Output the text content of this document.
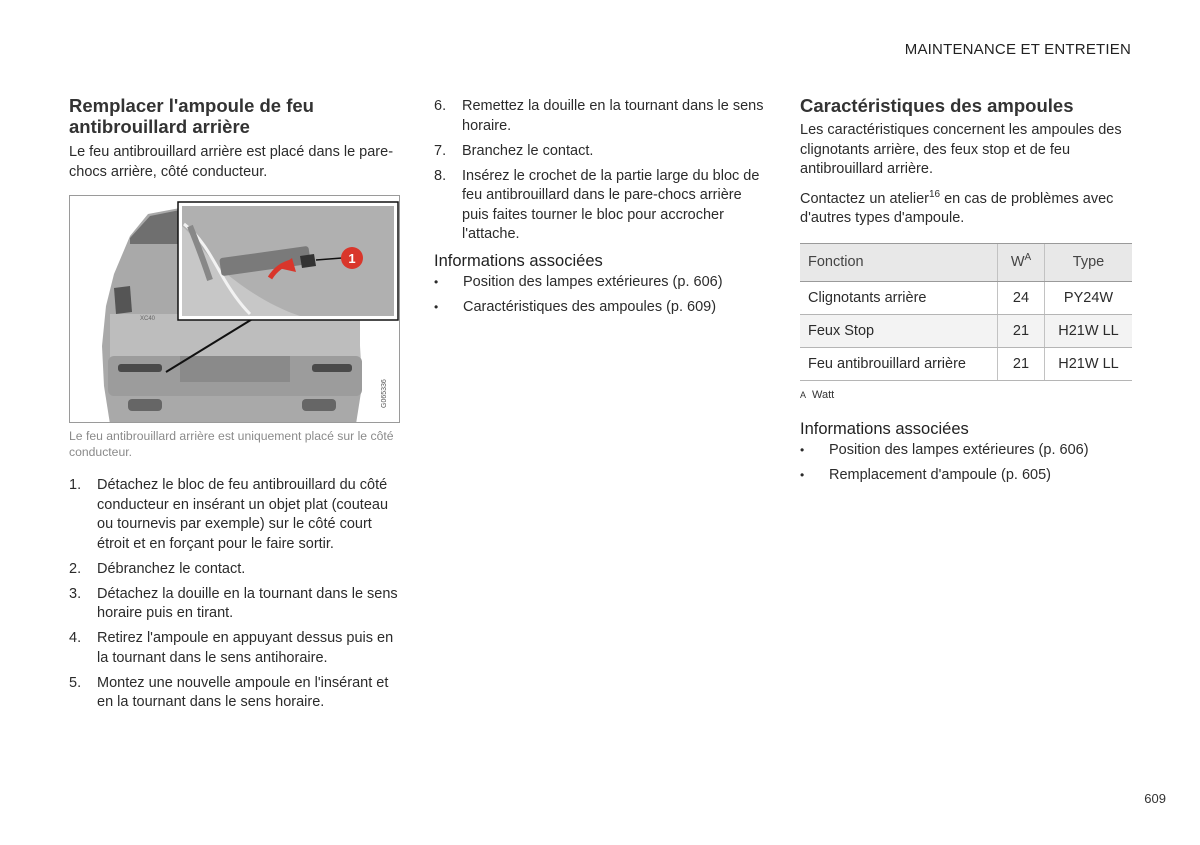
MAINTENANCE ET ENTRETIEN
Remplacer l'ampoule de feu antibrouillard arrière

Le feu antibrouillard arrière est placé dans le pare-chocs arrière, côté conducteur.

XC40
1
G065336
Le feu antibrouillard arrière est uniquement placé sur le côté conducteur.
1.	Détachez le bloc de feu antibrouillard du côté conducteur en insérant un objet plat (couteau ou tournevis par exemple) sur le côté court étroit et en forçant pour le faire sortir.
2.	Débranchez le contact.
3.	Détachez la douille en la tournant dans le sens horaire puis en tirant.
4.	Retirez l'ampoule en appuyant dessus puis en la tournant dans le sens antihoraire.
5.	Montez une nouvelle ampoule en l'insérant et en la tournant dans le sens horaire.
6.	Remettez la douille en la tournant dans le sens horaire.
7.	Branchez le contact.
8.	Insérez le crochet de la partie large du bloc de feu antibrouillard dans le pare-chocs arrière puis faites tourner le bloc pour accrocher l'attache.
Informations associées
•	Position des lampes extérieures (p. 606)
•	Caractéristiques des ampoules (p. 609)
Caractéristiques des ampoules

Les caractéristiques concernent les ampoules des clignotants arrière, des feux stop et de feu antibrouillard arrière.

Contactez un atelier$^{16}$ en cas de problèmes avec d'autres types d'ampoule.

Fonction	$W^A$	Type
Clignotants arrière	24	PY24W
Feux Stop	21	H21W LL
Feu antibrouillard arrière	21	H21W LL
A Watt
Informations associées
•	Position des lampes extérieures (p. 606)
•	Remplacement d'ampoule (p. 605)
609
